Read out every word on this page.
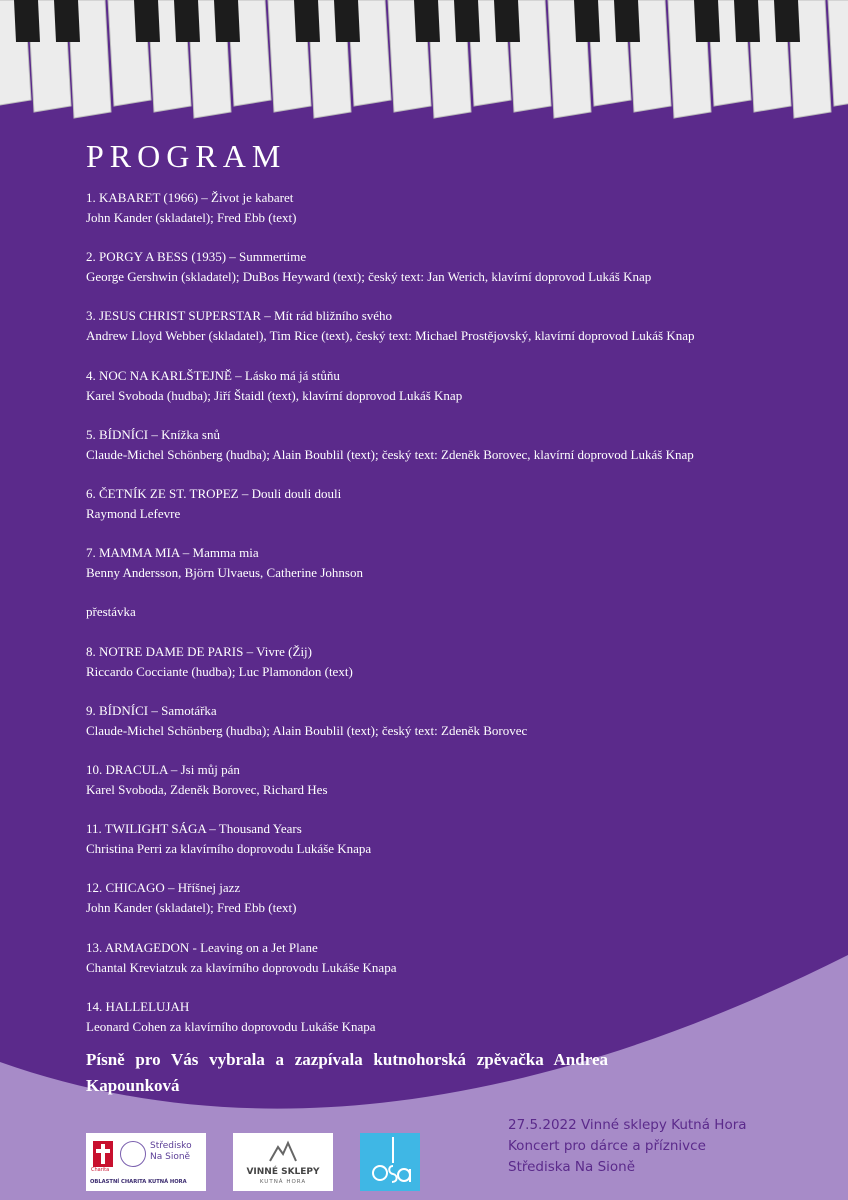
PROGRAM
1. KABARET (1966) – Život je kabaret
John Kander (skladatel); Fred Ebb (text)
2. PORGY A BESS (1935) – Summertime
George Gershwin (skladatel); DuBos Heyward (text); český text: Jan Werich, klavírní doprovod Lukáš Knap
3. JESUS CHRIST SUPERSTAR – Mít rád bližního svého
Andrew Lloyd Webber (skladatel), Tim Rice (text), český text: Michael Prostějovský, klavírní doprovod Lukáš Knap
4. NOC NA KARLŠTEJNĚ – Lásko má já stůňu
Karel Svoboda (hudba); Jiří Štaidl (text), klavírní doprovod Lukáš Knap
5. BÍDNÍCI – Knížka snů
Claude-Michel Schönberg (hudba); Alain Boublil (text); český text: Zdeněk Borovec, klavírní doprovod Lukáš Knap
6. ČETNÍK ZE ST. TROPEZ – Douli douli douli
Raymond Lefevre
7. MAMMA MIA – Mamma mia
Benny Andersson, Björn Ulvaeus, Catherine Johnson
přestávka
8. NOTRE DAME DE PARIS – Vivre (Žij)
Riccardo Cocciante (hudba); Luc Plamondon (text)
9. BÍDNÍCI – Samotářka
Claude-Michel Schönberg (hudba); Alain Boublil (text); český text: Zdeněk Borovec
10. DRACULA – Jsi můj pán
Karel Svoboda, Zdeněk Borovec, Richard Hes
11. TWILIGHT SÁGA – Thousand Years
Christina Perri za klavírního doprovodu Lukáše Knapa
12. CHICAGO – Hříšnej jazz
John Kander (skladatel); Fred Ebb (text)
13. ARMAGEDON - Leaving on a Jet Plane
Chantal Kreviatzuk za klavírního doprovodu Lukáše Knapa
14. HALLELUJAH
Leonard Cohen za klavírního doprovodu Lukáše Knapa
Písně pro Vás vybrala a zazpívala kutnohorská zpěvačka Andrea Kapounková
27.5.2022 Vinné sklepy Kutná Hora
Koncert pro dárce a příznivce
Střediska Na Sioně
Charita
Středisko
Na Sioně
OBLASTNÍ CHARITA KUTNÁ HORA
VINNÉ SKLEPY
KUTNÁ HORA
